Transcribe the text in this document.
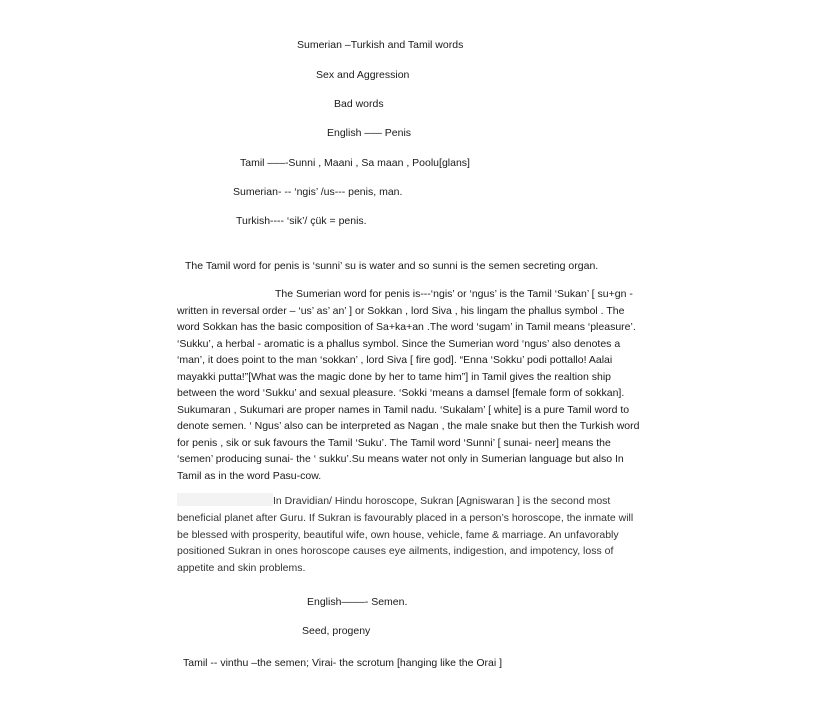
Sumerian –Turkish and Tamil words
Sex and Aggression
Bad words
English ––– Penis
Tamil –––-Sunni , Maani , Sa maan , Poolu[glans]
Sumerian- -- ‘ngis’ /us--- penis, man.
Turkish---- ‘sik’/ çük = penis.
The Tamil word for penis is ‘sunni’ su is water and so sunni is the semen secreting organ.
The Sumerian word for penis is---‘ngis’ or ‘ngus’ is the Tamil ‘Sukan’ [ su+gn - written in reversal order – ‘us’ as’ an’ ] or Sokkan , lord Siva , his lingam the phallus symbol . The word Sokkan has the basic composition of Sa+ka+an .The word ‘sugam’ in Tamil means ‘pleasure’. ‘Sukku’, a herbal - aromatic is a phallus symbol. Since the Sumerian word ‘ngus’ also denotes a ‘man’, it does point to the man ‘sokkan’ , lord Siva [ fire god]. “Enna ‘Sokku’ podi pottallo! Aalai mayakki putta!”[What was the magic done by her to tame him”] in Tamil gives the realtion ship between the word ‘Sukku’ and sexual pleasure. ‘Sokki ‘means a damsel [female form of sokkan]. Sukumaran , Sukumari are proper names in Tamil nadu. ‘Sukalam’ [ white] is a pure Tamil word to denote semen. ‘ Ngus’ also can be interpreted as Nagan , the male snake but then the Turkish word for penis , sik or suk favours the Tamil ‘Suku’. The Tamil word ‘Sunni’ [ sunai- neer] means the ‘semen’ producing sunai- the ‘ sukku’.Su means water not only in Sumerian language but also In Tamil as in the word Pasu-cow.
In Dravidian/ Hindu horoscope, Sukran [Agniswaran ] is the second most beneficial planet after Guru. If Sukran is favourably placed in a person’s horoscope, the inmate will be blessed with prosperity, beautiful wife, own house, vehicle, fame & marriage. An unfavorably positioned Sukran in ones horoscope causes eye ailments, indigestion, and impotency, loss of appetite and skin problems.
English––––- Semen.
Seed, progeny
Tamil -- vinthu –the semen; Virai- the scrotum [hanging like the Orai ]
